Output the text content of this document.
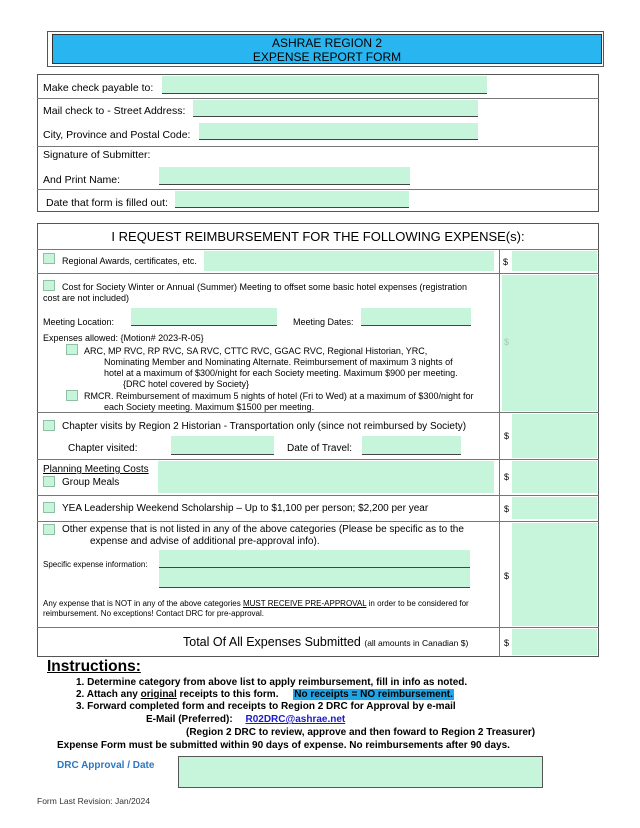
ASHRAE REGION 2
EXPENSE REPORT FORM
Make check payable to:
Mail check to - Street Address:
City, Province and Postal Code:
Signature of Submitter:
And Print Name:
Date that form is filled out:
I REQUEST REIMBURSEMENT FOR THE FOLLOWING EXPENSE(s):
Regional Awards, certificates, etc.	$
Cost for Society Winter or Annual (Summer) Meeting to offset some basic hotel expenses (registration
cost are not included)
Meeting Location:	Meeting Dates:
Expenses allowed: {Motion# 2023-R-05}
ARC, MP RVC, RP RVC, SA RVC, CTTC RVC, GGAC RVC, Regional Historian, YRC,
Nominating Member and Nominating Alternate. Reimbursement of maximum 3 nights of
hotel at a maximum of $300/night for each Society meeting. Maximum $900 per meeting.
{DRC hotel covered by Society}
RMCR. Reimbursement of maximum 5 nights of hotel (Fri to Wed) at a maximum of $300/night for
each Society meeting. Maximum $1500 per meeting.
$
Chapter visits by Region 2 Historian - Transportation only (since not reimbursed by Society)
Chapter visited:	Date of Travel:
$
Planning Meeting Costs
Group Meals	$
YEA Leadership Weekend Scholarship – Up to $1,100 per person; $2,200 per year	$
Other expense that is not listed in any of the above categories (Please be specific as to the
expense and advise of additional pre-approval info).
Specific expense information:
Any expense that is NOT in any of the above categories MUST RECEIVE PRE-APPROVAL in order to be considered for
reimbursement. No exceptions! Contact DRC for pre-approval.
$
Total Of All Expenses Submitted (all amounts in Canadian $)	$
Instructions:
1. Determine category from above list to apply reimbursement, fill in info as noted.
2. Attach any original receipts to this form. No receipts = NO reimbursement.
3. Forward completed form and receipts to Region 2 DRC for Approval by e-mail
E-Mail (Preferred): R02DRC@ashrae.net
(Region 2 DRC to review, approve and then foward to Region 2 Treasurer)
Expense Form must be submitted within 90 days of expense. No reimbursements after 90 days.
DRC Approval / Date
Form Last Revision: Jan/2024
